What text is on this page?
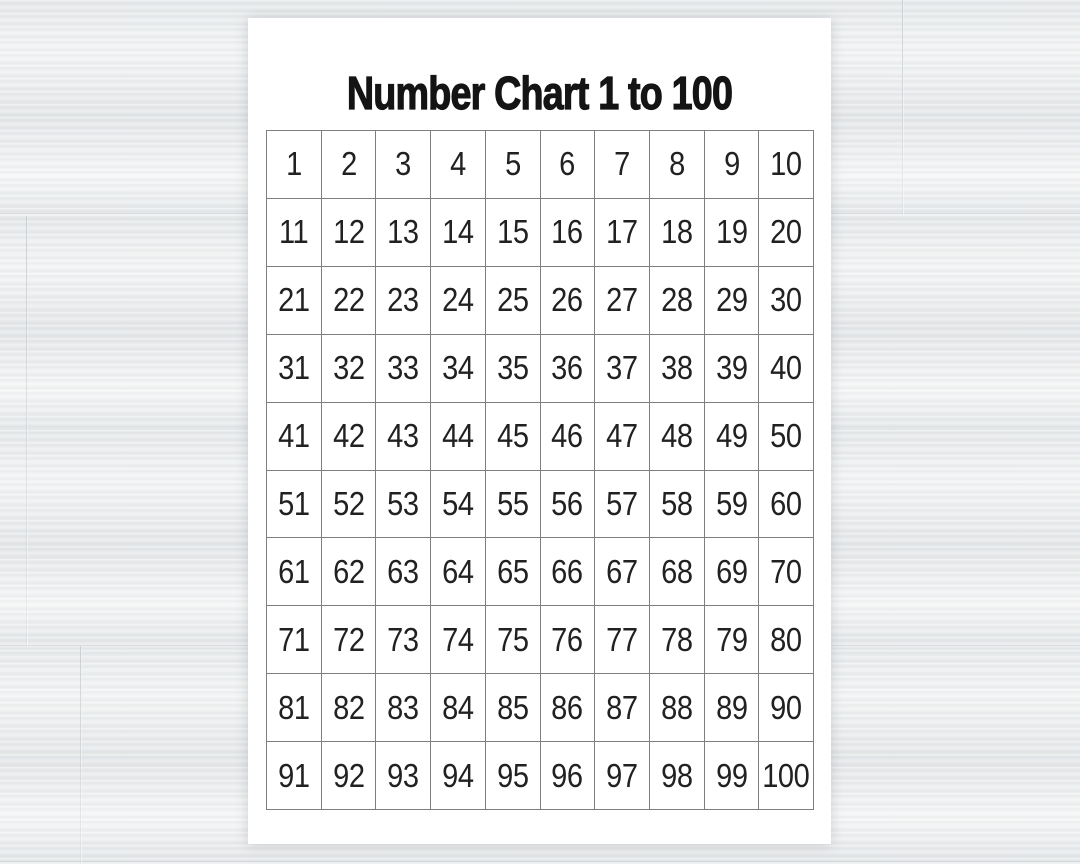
Number Chart 1 to 100
1 2 3 4 5 6 7 8 9 10
11 12 13 14 15 16 17 18 19 20
21 22 23 24 25 26 27 28 29 30
31 32 33 34 35 36 37 38 39 40
41 42 43 44 45 46 47 48 49 50
51 52 53 54 55 56 57 58 59 60
61 62 63 64 65 66 67 68 69 70
71 72 73 74 75 76 77 78 79 80
81 82 83 84 85 86 87 88 89 90
91 92 93 94 95 96 97 98 99 100
